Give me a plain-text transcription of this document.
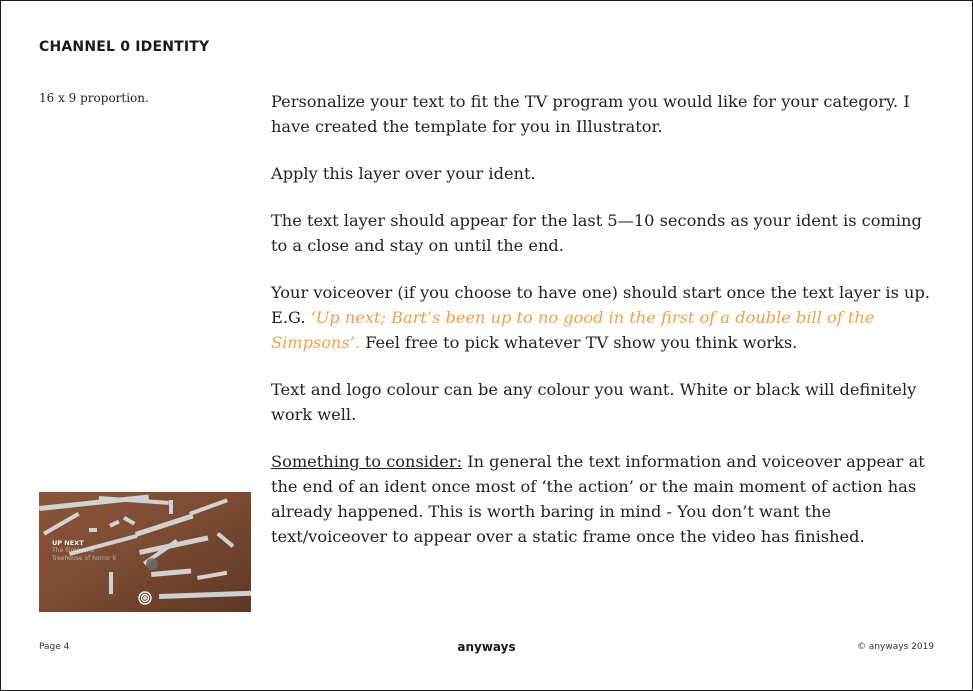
CHANNEL 0 IDENTITY
16 x 9 proportion.	Personalize your text to fit the TV program you would like for your category. I have created the template for you in Illustrator.

Apply this layer over your ident.

The text layer should appear for the last 5—10 seconds as your ident is coming to a close and stay on until the end.

Your voiceover (if you choose to have one) should start once the text layer is up. E.G. ‘Up next; Bart’s been up to no good in the first of a double bill of the Simpsons’. Feel free to pick whatever TV show you think works.

Text and logo colour can be any colour you want. White or black will definitely work well.

Something to consider: In general the text information and voiceover appear at the end of an ident once most of ‘the action’ or the main moment of action has already happened. This is worth baring in mind - You don’t want the text/voiceover to appear over a static frame once the video has finished.

UP NEXT
The Simpsons
Treehouse of horror II
Page 4	anyways	© anyways 2019
